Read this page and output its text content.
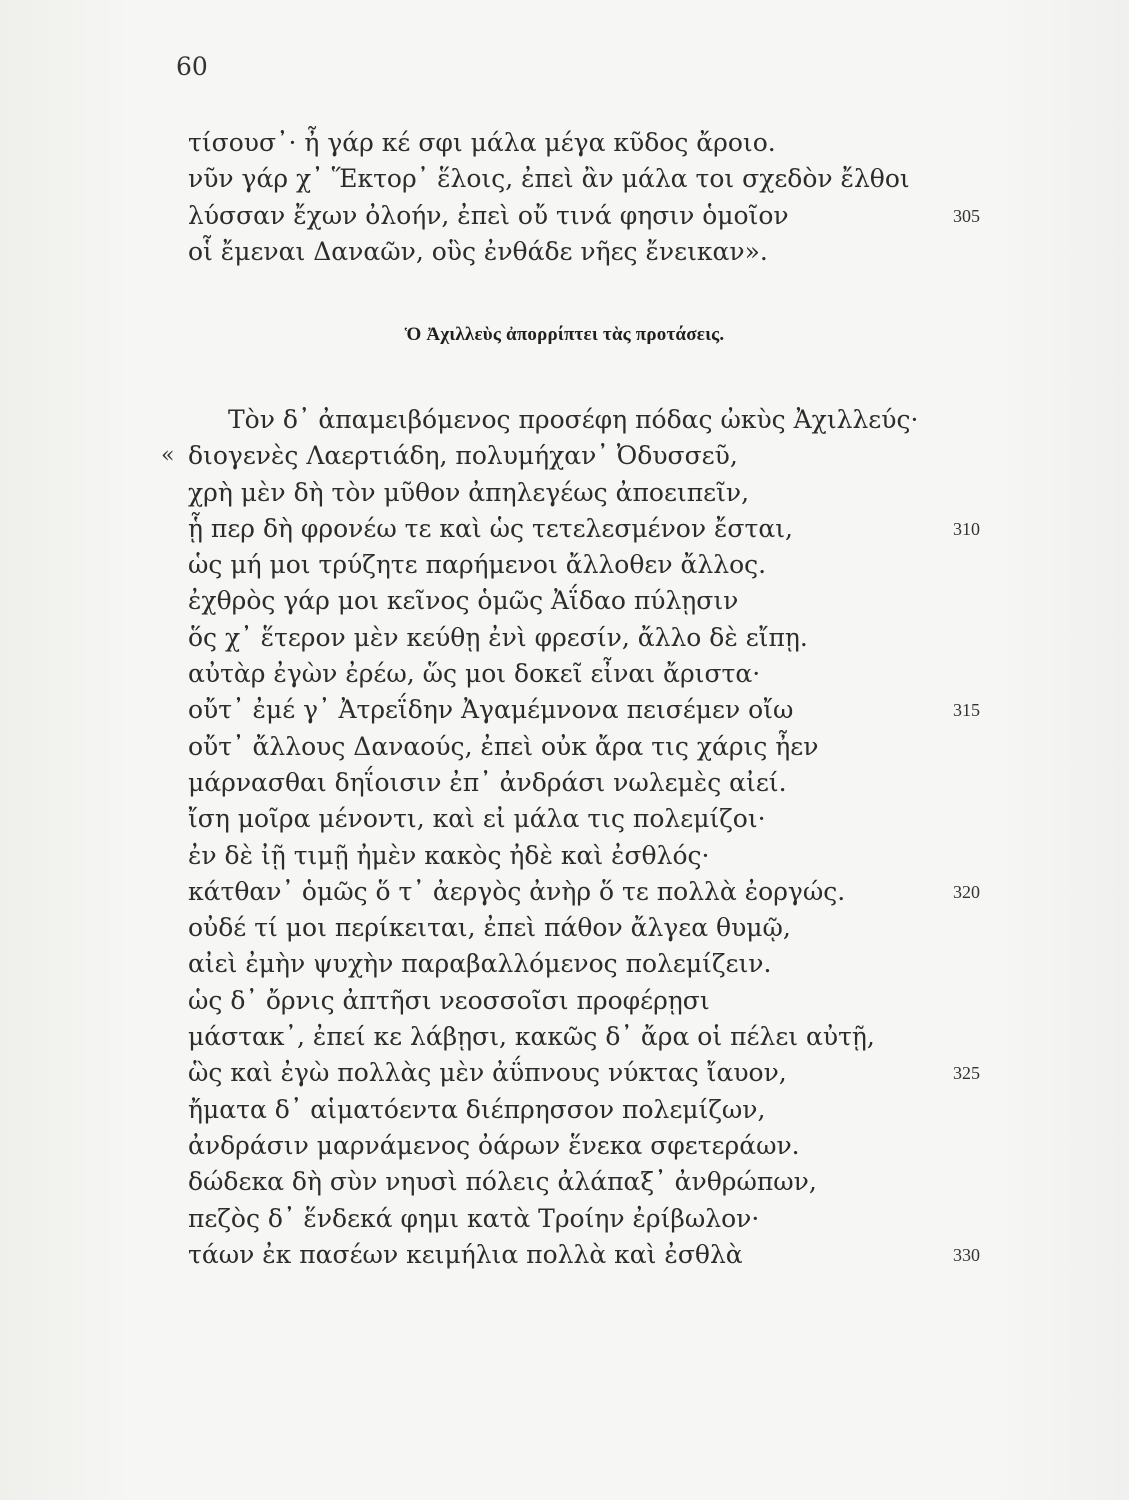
60
τίσουσ᾽· ἦ γάρ κέ σφι μάλα μέγα κῦδος ἄροιο.
νῦν γάρ χ᾽ Ἕκτορ᾽ ἕλοις, ἐπεὶ ἂν μάλα τοι σχεδὸν ἔλθοι
λύσσαν ἔχων ὀλοήν, ἐπεὶ οὔ τινά φησιν ὁμοῖον	305
οἷ ἔμεναι Δαναῶν, οὓς ἐνθάδε νῆες ἔνεικαν».
Ὁ Ἀχιλλεὺς ἀπορρίπτει τὰς προτάσεις.
Τὸν δ᾽ ἀπαμειβόμενος προσέφη πόδας ὠκὺς Ἀχιλλεύς·
« διογενὲς Λαερτιάδη, πολυμήχαν᾽ Ὀδυσσεῦ,
χρὴ μὲν δὴ τὸν μῦθον ἀπηλεγέως ἀποειπεῖν,
ᾗ περ δὴ φρονέω τε καὶ ὡς τετελεσμένον ἔσται,	310
ὡς μή μοι τρύζητε παρήμενοι ἄλλοθεν ἄλλος.
ἐχθρὸς γάρ μοι κεῖνος ὁμῶς Ἀΐδαο πύλῃσιν
ὅς χ᾽ ἕτερον μὲν κεύθῃ ἐνὶ φρεσίν, ἄλλο δὲ εἴπῃ.
αὐτὰρ ἐγὼν ἐρέω, ὥς μοι δοκεῖ εἶναι ἄριστα·
οὔτ᾽ ἐμέ γ᾽ Ἀτρεΐδην Ἀγαμέμνονα πεισέμεν οἴω	315
οὔτ᾽ ἄλλους Δαναούς, ἐπεὶ οὐκ ἄρα τις χάρις ἦεν
μάρνασθαι δηΐοισιν ἐπ᾽ ἀνδράσι νωλεμὲς αἰεί.
ἴση μοῖρα μένοντι, καὶ εἰ μάλα τις πολεμίζοι·
ἐν δὲ ἰῇ τιμῇ ἠμὲν κακὸς ἠδὲ καὶ ἐσθλός·
κάτθαν᾽ ὁμῶς ὅ τ᾽ ἀεργὸς ἀνὴρ ὅ τε πολλὰ ἐοργώς.	320
οὐδέ τί μοι περίκειται, ἐπεὶ πάθον ἄλγεα θυμῷ,
αἰεὶ ἐμὴν ψυχὴν παραβαλλόμενος πολεμίζειν.
ὡς δ᾽ ὄρνις ἀπτῆσι νεοσσοῖσι προφέρῃσι
μάστακ᾽, ἐπεί κε λάβῃσι, κακῶς δ᾽ ἄρα οἱ πέλει αὐτῇ,
ὣς καὶ ἐγὼ πολλὰς μὲν ἀΰπνους νύκτας ἴαυον,	325
ἤματα δ᾽ αἱματόεντα διέπρησσον πολεμίζων,
ἀνδράσιν μαρνάμενος ὀάρων ἕνεκα σφετεράων.
δώδεκα δὴ σὺν νηυσὶ πόλεις ἀλάπαξ᾽ ἀνθρώπων,
πεζὸς δ᾽ ἕνδεκά φημι κατὰ Τροίην ἐρίβωλον·
τάων ἐκ πασέων κειμήλια πολλὰ καὶ ἐσθλὰ	330
